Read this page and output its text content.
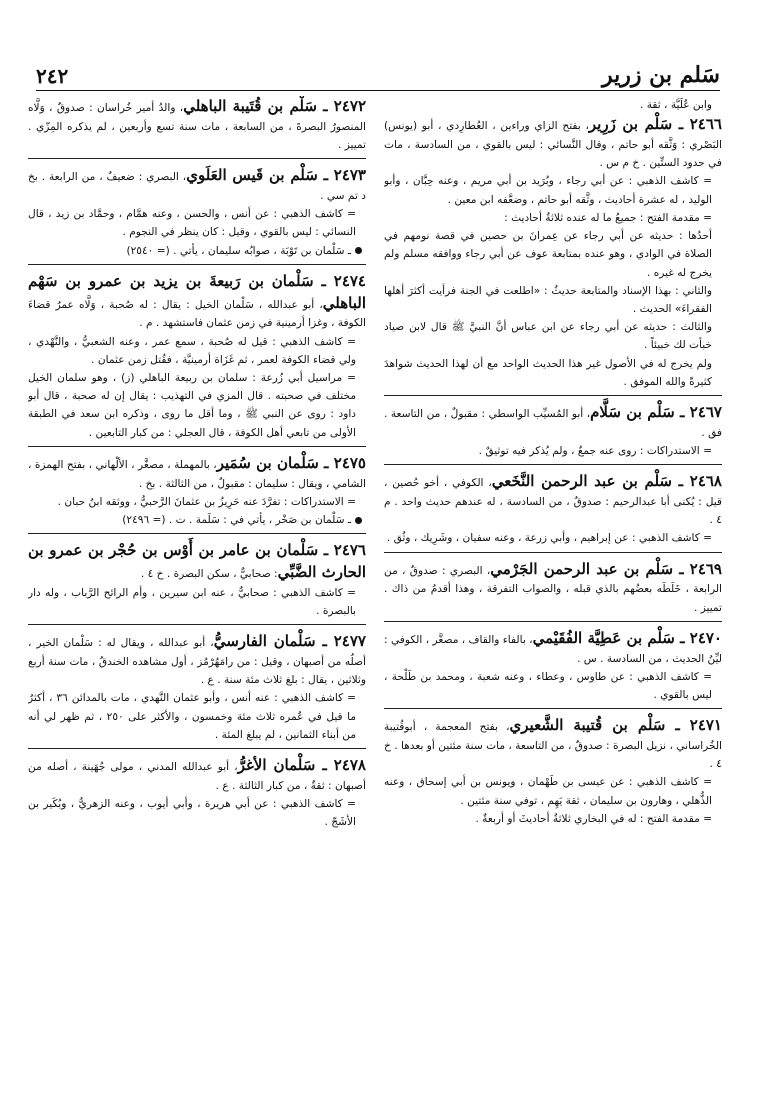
سَلم بن زرير
٢٤٢

وابن عُلَيَّة ، ثقة .

٢٤٦٦ ـ سَلْم بن زَرِير، بفتح الزاي وراءين ، العُطارِدي ، أبو (يونس) البَصْري : وَثَّقه أبو حاتم ، وقال النَّسائي : ليس بالقوي ، من السادسة ، مات في حدود الستِّين . خ م س .

= كاشف الذهبي : عن أبي رجاء ، وبُرَيد بن أبي مريم ، وعنه حِبَّان ، وأبو الوليد ، له عشرة أحاديث ، وثَّقه أبو حاتم ، وضعَّفه ابن معين .

= مقدمة الفتح : جميعُ ما له عنده ثلاثةُ أحاديث :

أحدُها : حديثه عن أبي رجاء عن عِمرانَ بن حصين في قصة نومهم في الصلاة في الوادي ، وهو عنده بمتابعة عوف عن أبي رجاء ووافقه مسلم ولم يخرج له غيره .

والثاني : بهذا الإسناد والمتابعة حديثُ : «اطلعت في الجنة فرأيت أكثرَ أهلها الفقراءَ» الحديث .

والثالث : حديثه عن أبي رجاء عن ابن عباس أنَّ النبيَّ ﷺ قال لابن صياد خبأت لك خبيئاً .

ولم يخرج له في الأصول غير هذا الحديث الواحد مع أن لهذا الحديث شواهدَ كثيرةً والله الموفق .

٢٤٦٧ ـ سَلْم بن سَلَّام، أبو المُسيِّب الواسطي : مقبولٌ ، من التاسعة . فق .

= الاستدراكات : روى عنه جمعٌ ، ولم يُذكر فيه توثيقٌ .

٢٤٦٨ ـ سَلْم بن عبد الرحمن النَّخَعي، الكوفي ، أخو حُصين ، قيل : يُكنى أبا عبدالرحيم : صدوقٌ ، من السادسة ، له عندهم حديث واحد . م ٤ .

= كاشف الذهبي : عن إبراهيم ، وأبي زرعة ، وعنه سفيان ، وشَرِيك ، وثُق .

٢٤٦٩ ـ سَلْم بن عبد الرحمن الجَرْمي، البصري : صدوقٌ ، من الرابعة ، خَلَطَه بعضُهم بالذي قبله ، والصواب التفرقة ، وهذا أقدمُ من ذاك . تمييز .

٢٤٧٠ ـ سَلْم بن عَطِيَّة الفُقَيْمي، بالفاء والقاف ، مصغَّر ، الكوفي : ليِّنُ الحديث ، من السادسة . س .

= كاشف الذهبي : عن طاوس ، وعطاء ، وعنه شعبة ، ومحمد بن طَلْحة ، ليس بالقوي .

٢٤٧١ ـ سَلْم بن قُتيبة الشَّعيري، بفتح المعجمة ، أبوقُتيبة الخُراساني ، نزيل البصرة : صدوقٌ ، من التاسعة ، مات سنة مئتين أو بعدها . خ ٤ .

= كاشف الذهبي : عن عيسى بن طَهْمان ، ويونس بن أبي إسحاق ، وعنه الذُّهلي ، وهارون بن سليمان ، ثقة يَهِم ، توفي سنة مئتين .

= مقدمة الفتح : له في البخاري ثلاثةُ أحاديثَ أو أربعةٌ .

٢٤٧٢ ـ سَلْم بن قُتَيبة الباهلي، والدُ أمير خُراسان : صدوقٌ ، وَلَّاه المنصورُ البصرةَ ، من السابعة ، مات سنة تسع وأربعين ، لم يذكره المِزّي . تمييز .

٢٤٧٣ ـ سَلْم بن قَيس العَلَوي، البصري : ضعيفٌ ، من الرابعة . بخ د تم سي .

= كاشف الذهبي : عن أنس ، والحسن ، وعنه همَّام ، وحمَّاد بن زيد ، قال النسائي : ليس بالقوي ، وقيل : كان ينظر في النجوم .

ـ سَلْمان بن تَوْبَة ، صوابُه سليمان ، يأتي . (= ٢٥٤٠)

٢٤٧٤ ـ سَلْمان بن رَبيعةَ بن يزيد بن عمرو بن سَهْم الباهلي، أبو عبدالله ، سَلْمان الخيل : يقال : له صُحبة ، وَلَّاه عمرُ قضاءَ الكوفة ، وغزا أرمينية في زمن عثمان فاستشهد . م .

= كاشف الذهبي : قيل له صُحبة ، سمع عمر ، وعنه الشعبيُّ ، والنَّهْدي ، ولي قضاء الكوفة لعمر ، ثم غَزَاة أرمينيَّة ، فقُتل زمن عثمان .

= مراسيل أبي زُرعة : سلمان بن ربيعة الباهلي (ز) ، وهو سلمان الخيل مختلف في صحبته . قال المزي في التهذيب : يقال إن له صحبة ، قال أبو داود : روى عن النبي ﷺ ، وما أقل ما روى ، وذكره ابن سعد في الطبقة الأولى من تابعي أهل الكوفة ، قال العجلي : من كبار التابعين .

٢٤٧٥ ـ سَلْمان بن سُمَير، بالمهملة ، مصغَّر ، الألْهاني ، بفتح الهمزة ، الشامي ، ويقال : سليمان : مقبولٌ ، من الثالثة . بخ .

= الاستدراكات : تفرَّدَ عنه حَرِيزُ بن عثمانَ الرَّحبيُّ ، ووثقه ابنُ حبان .

ـ سَلْمان بن صَخْر ، يأتي في : سَلَمة . ت . (= ٢٤٩٦)

٢٤٧٦ ـ سَلْمان بن عامر بن أَوْس بن حُجْر بن عمرو بن الحارث الضَّبِّي: صحابيٌّ ، سكن البصرة . خ ٤ .

= كاشف الذهبي : صحابيٌّ ، عنه ابن سيرين ، وأم الرائح الرَّباب ، وله دار بالبصرة .

٢٤٧٧ ـ سَلْمان الفارسيُّ، أبو عبدالله ، ويقال له : سَلْمان الخير ، أصلُه من أصبهان ، وقيل : من رامَهُرْمُز ، أول مشاهده الخندقُ ، مات سنة أربع وثلاثين ، يقال : بلغ ثلاث مئة سنة . ع .

= كاشف الذهبي : عنه أنس ، وأبو عثمان النَّهدي ، مات بالمدائن ٣٦ ، أكثرُ ما قيل في عُمره ثلاث مئة وخمسون ، والأكثر على ٢٥٠ ، ثم ظهر لي أنه من أبناء الثمانين ، لم يبلغ المئة .

٢٤٧٨ ـ سَلْمان الأغرُّ، أبو عبدالله المدني ، مولى جُهَينة ، أصله من أصبهان : ثقةٌ ، من كبار الثالثة . ع .

= كاشف الذهبي : عن أبي هريرة ، وأبي أيوب ، وعنه الزهريُّ ، وبُكَير بن الأشَجّ .
